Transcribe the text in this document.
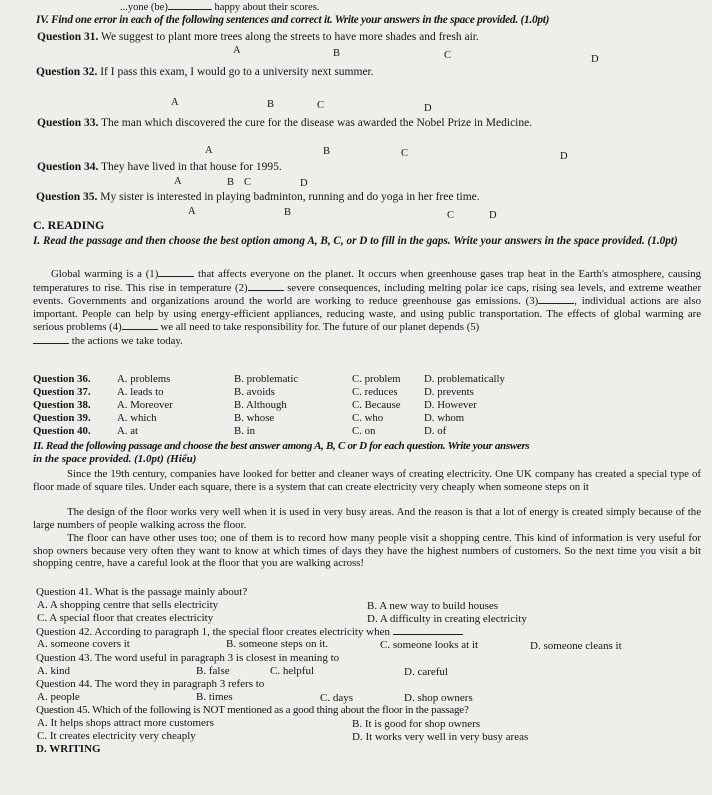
...yone (be)	happy about their scores.
IV. Find one error in each of the following sentences and correct it. Write your answers in the space provided. (1.0pt)
Question 31. We suggest to plant more trees along the streets to have more shades and fresh air.
A	B	C	D
Question 32. If I pass this exam, I would go to a university next summer.
A	B	C	D
Question 33. The man which discovered the cure for the disease was awarded the Nobel Prize in Medicine.
A	B	C	D
Question 34. They have lived in that house for 1995.
A	B C	D
Question 35. My sister is interested in playing badminton, running and do yoga in her free time.
A	B	C	D
C. READING
I. Read the passage and then choose the best option among A, B, C, or D to fill in the gaps. Write your answers in the space provided. (1.0pt)
Global warming is a (1)	that affects everyone on the planet. It occurs when greenhouse gases trap heat in the Earth's atmosphere, causing temperatures to rise. This rise in temperature (2)	severe consequences, including melting polar ice caps, rising sea levels, and extreme weather events. Governments and organizations around the world are working to reduce greenhouse gas emissions. (3)	, individual actions are also important. People can help by using energy-efficient appliances, reducing waste, and using public transportation. The effects of global warming are serious problems (4)	we all need to take responsibility for. The future of our planet depends (5)
the actions we take today.
Question 36. A. problems	B. problematic	C. problem D. problematically
Question 37. A. leads to	B. avoids	C. reduces D. prevents
Question 38. A. Moreover	B. Although	C. Because D. However
Question 39. A. which	B. whose	C. who	D. whom
Question 40. A. at	B. in	C. on	D. of
II. Read the following passage and choose the best answer among A, B, C or D for each question. Write your answers
in the space provided. (1.0pt) (Hiểu)
Since the 19th century, companies have looked for better and cleaner ways of creating electricity. One UK company has created a special type of floor made of square tiles. Under each square, there is a system that can create electricity very cheaply when someone steps on it
The design of the floor works very well when it is used in very busy areas. And the reason is that a lot of energy is created simply because of the large numbers of people walking across the floor.
The floor can have other uses too; one of them is to record how many people visit a shopping centre. This kind of information is very useful for shop owners because very often they want to know at which times of days they have the highest numbers of customers. So the next time you visit a bit shopping centre, have a careful look at the floor that you are walking across!
Question 41. What is the passage mainly about?
A. A shopping centre that sells electricity	B. A new way to build houses
C. A special floor that creates electricity	D. A difficulty in creating electricity
Question 42. According to paragraph 1, the special floor creates electricity when
A. someone covers it	B. someone steps on it.	C. someone looks at it	D. someone cleans it
Question 43. The word useful in paragraph 3 is closest in meaning to
A. kind	B. false	C. helpful	D. careful
Question 44. The word they in paragraph 3 refers to
A. people	B. times	C. days	D. shop owners
Question 45. Which of the following is NOT mentioned as a good thing about the floor in the passage?
A. It helps shops attract more customers	B. It is good for shop owners
C. It creates electricity very cheaply	D. It works very well in very busy areas
D. WRITING
